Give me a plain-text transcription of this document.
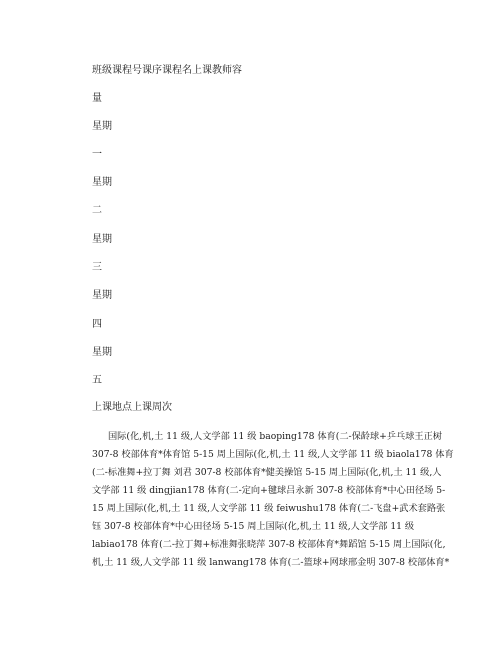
班级课程号课序课程名上课教师容
量
星期
一
星期
二
星期
三
星期
四
星期
五
上课地点上课周次
国际(化,机,土 11 级,人文学部 11 级 baoping178 体育(二-保龄球+乒乓球王正树
307-8 校部体育*体育馆 5-15 周上国际(化,机,土 11 级,人文学部 11 级 biaola178 体育
(二-标准舞+拉丁舞 刘君 307-8 校部体育*健美操馆 5-15 周上国际(化,机,土 11 级,人
文学部 11 级 dingjian178 体育(二-定向+毽球吕永新 307-8 校部体育*中心田径场 5-
15 周上国际(化,机,土 11 级,人文学部 11 级 feiwushu178 体育(二-飞盘+武术套路张
钰 307-8 校部体育*中心田径场 5-15 周上国际(化,机,土 11 级,人文学部 11 级
labiao178 体育(二-拉丁舞+标准舞张晓萍 307-8 校部体育*舞蹈馆 5-15 周上国际(化,
机,土 11 级,人文学部 11 级 lanwang178 体育(二-篮球+网球邢金明 307-8 校部体育*
